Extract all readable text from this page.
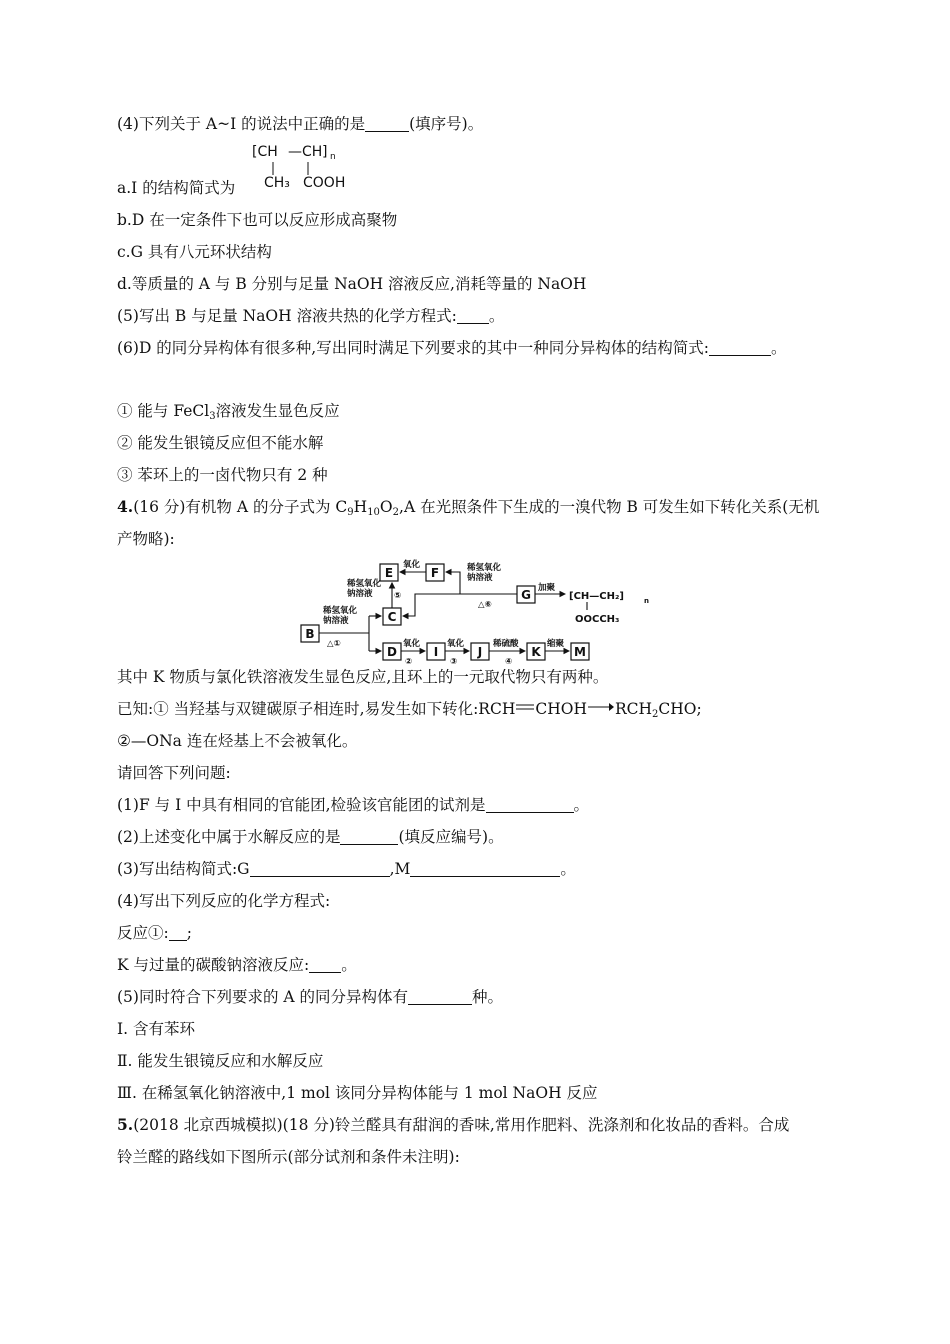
(4)下列关于 A~I 的说法中正确的是	(填序号)。
[CH —CH ] n
CH₃ COOH
a.I 的结构简式为
b.D 在一定条件下也可以反应形成高聚物
c.G 具有八元环状结构
d.等质量的 A 与 B 分别与足量 NaOH 溶液反应,消耗等量的 NaOH
(5)写出 B 与足量 NaOH 溶液共热的化学方程式: 。
(6)D 的同分异构体有很多种,写出同时满足下列要求的其中一种同分异构体的结构简式:	。
① 能与 FeCl$_3$溶液发生显色反应
② 能发生银镜反应但不能水解
③ 苯环上的一卤代物只有 2 种
4.(16 分)有机物 A 的分子式为 $C_9H_{10}O_2,A$ 在光照条件下生成的一溴代物 B 可发生如下转化关系(无机
产物略):
E	F
C
G
B
D	I	J	K	M
氧化
稀氢氧化
钠溶液	⑤
稀氢氧化
钠溶液
△①
稀氢氧化
钠溶液
△⑥
加聚
氧化
②
氧化
③
稀硫酸
④
缩聚
[CH—CH₂]	n
OOCCH₃
其中 K 物质与氯化铁溶液发生显色反应,且环上的一元取代物只有两种。
已知:① 当羟基与双键碳原子相连时,易发生如下转化:RCH CHOH $RCH_2CHO$;
②—ONa 连在烃基上不会被氧化。
请回答下列问题:
(1)F 与 I 中具有相同的官能团,检验该官能团的试剂是	。
(2)上述变化中属于水解反应的是	(填反应编号)。
(3)写出结构简式:G	,M	。
(4)写出下列反应的化学方程式:
反应①: ;
K 与过量的碳酸钠溶液反应: 。
(5)同时符合下列要求的 A 的同分异构体有	种。
Ⅰ. 含有苯环
Ⅱ. 能发生银镜反应和水解反应
Ⅲ. 在稀氢氧化钠溶液中,1 mol 该同分异构体能与 1 mol NaOH 反应
5.(2018 北京西城模拟)(18 分)铃兰醛具有甜润的香味,常用作肥料、洗涤剂和化妆品的香料。合成
铃兰醛的路线如下图所示(部分试剂和条件未注明):
